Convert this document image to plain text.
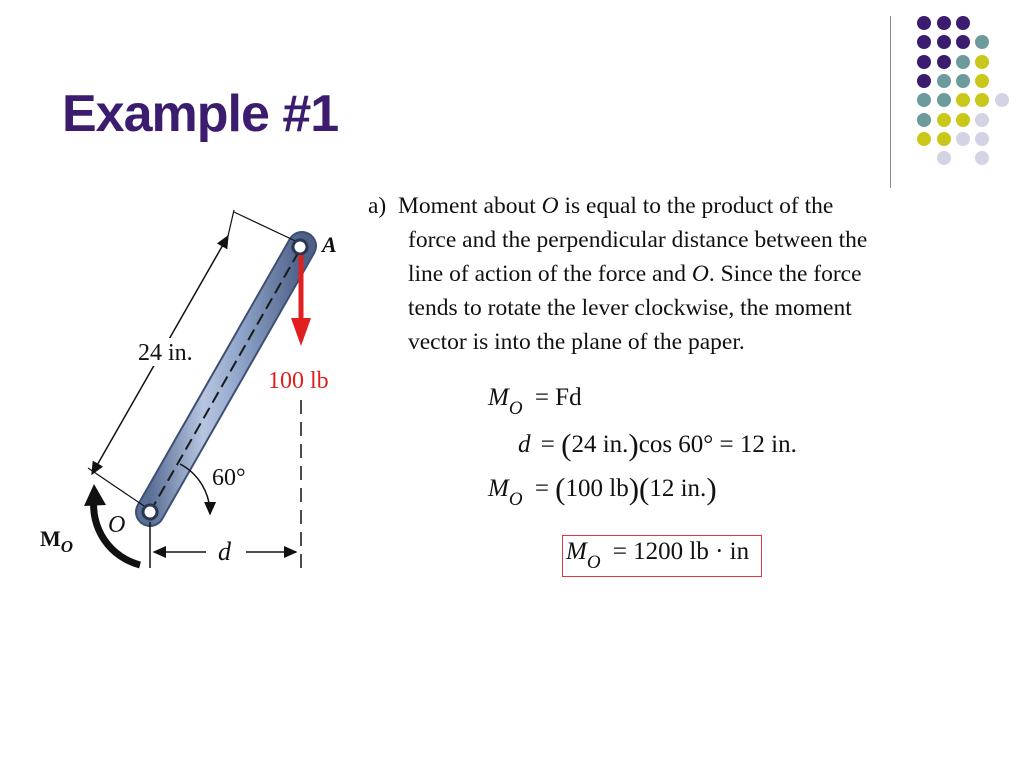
Example #1
a) Moment about O is equal to the product of the
force and the perpendicular distance between the
line of action of the force and O. Since the force
tends to rotate the lever clockwise, the moment
vector is into the plane of the paper.
$M_O = Fd$
d = (24 in.)cos 60° = 12 in.
$M_O = (100$ lb)(12 in.)
$M_O = 1200$ lb · in
24 in.
A
O
100 lb
60°
$M_O$	d
